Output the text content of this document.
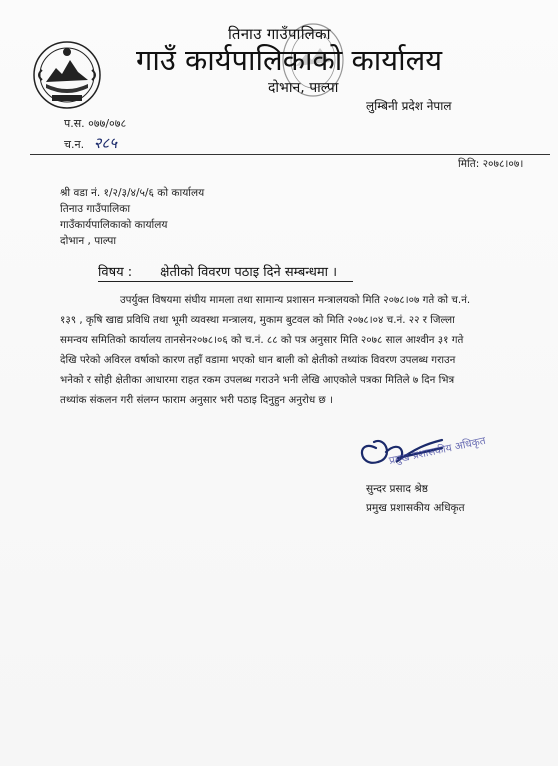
तिनाउ गाउँपालिका
गाउँ कार्यपालिकाको कार्यालय
दोभान, पाल्पा
लुम्बिनी प्रदेश नेपाल
प.स. ०७७/०७८
च.न. २८५
मिति: २०७८।०७।
श्री वडा नं. १/२/३/४/५/६ को कार्यालय
तिनाउ गाउँपालिका
गाउँकार्यपालिकाको कार्यालय
दोभान , पाल्पा
विषय : क्षेतीको विवरण पठाइ दिने सम्बन्धमा ।
उपर्युक्त विषयमा संघीय मामला तथा सामान्य प्रशासन मन्त्रालयको मिति २०७८।०७ गते को च.नं.
१३९ , कृषि खाद्य प्रविधि तथा भूमी व्यवस्था मन्त्रालय, मुकाम बुटवल को मिति २०७८।०४ च.नं. २२ र जिल्ला
समन्वय समितिको कार्यालय तानसेन२०७८।०६ को च.नं. ८८ को पत्र अनुसार मिति २०७८ साल आश्वीन ३१ गते
देखि परेको अविरल वर्षाको कारण तहाँ वडामा भएको धान बाली को क्षेतीको तथ्यांक विवरण उपलब्ध गराउन
भनेको र सोही क्षेतीका आधारमा राहत रकम उपलब्ध गराउने भनी लेखि आएकोले पत्रका मितिले ७ दिन भित्र
तथ्यांक संकलन गरी संलग्न फाराम अनुसार भरी पठाइ दिनुहुन अनुरोध छ ।
प्रमुख प्रशासकीय अधिकृत
सुन्दर प्रसाद श्रेष्ठ
प्रमुख प्रशासकीय अधिकृत
